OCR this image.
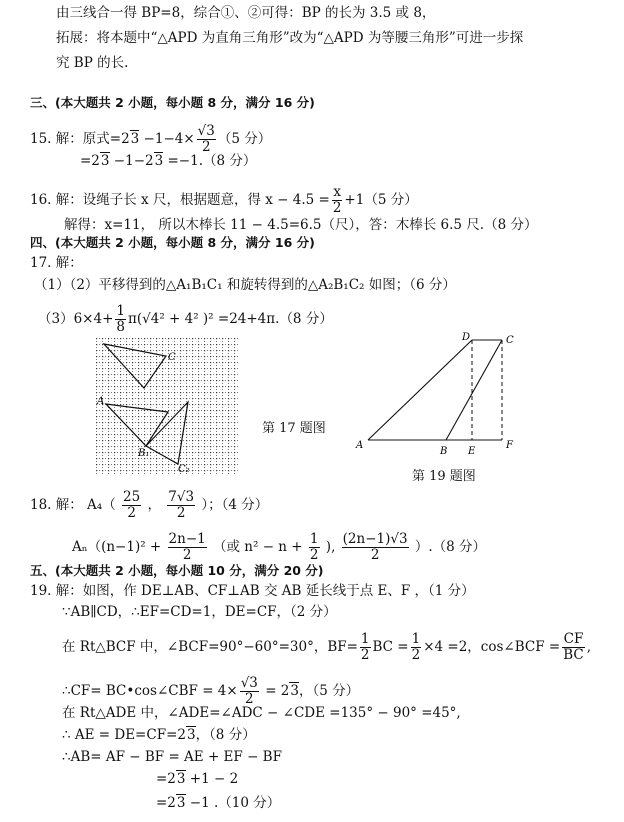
由三线合一得 BP=8，综合①、②可得：BP 的长为 3.5 或 8，
拓展：将本题中“△APD 为直角三角形”改为“△APD 为等腰三角形”可进一步探
究 BP 的长.
三、(本大题共 2 小题，每小题 8 分，满分 16 分)
15. 解：原式$=23 -1-4\times \frac{√3}{2} (5$ 分）
=23 −1−23 =−1.（8 分）
16. 解：设绳子长 x 尺，根据题意，得 $x - 4.5 = \frac{x}{2} +1(5$ 分）
解得：x=11， 所以木棒长 11 − 4.5=6.5（尺），答：木棒长 6.5 尺.（8 分）
四、(本大题共 2 小题，每小题 8 分，满分 16 分)
17. 解：
（1）（2）平移得到的△A₁B₁C₁ 和旋转得到的△A₂B₁C₂ 如图；（6 分）
$(3)6\times 4+ \frac{1}{8} \pi(√4^2 + 4^2$ )² =24+4π.（8 分）
A
C
B₁
C₂
第 17 题图
A
B E
F
D	C
第 19 题图
18. 解： $A_4( \frac{25}{2}$ ， $\frac{7√3}{2}$ ）；（4 分）
$A_n((n-1)^2 + \frac{2n-1}{2}$ （或 $n^2 - n + \frac{1}{2}$ ), $\frac{(2n-1)√3}{2} ).(8$ 分）
五、(本大题共 2 小题，每小题 10 分，满分 20 分)
19. 解：如图，作 DE⊥AB、CF⊥AB 交 AB 延长线于点 E、F ，（1 分）
∵AB∥CD，∴EF=CD=1，DE=CF，（2 分）
在 Rt△BCF 中，∠BCF=90°−60°=30°，$BF= \frac{1}{2}$ BC = $\frac{1}{2} \times 4 =2$，cos∠BCF = $\frac{CF}{BC}$ ,
∴CF= BC•cos∠CBF = $4\times \frac{√3}{2} = 23$，（5 分）
在 Rt△ADE 中，∠ADE=∠ADC − ∠CDE =135° − 90° =45°,
∴ AE = DE=CF=23，（8 分）
∴AB= AF − BF = AE + EF − BF
=23 +1 − 2
=23 −1 .（10 分）
